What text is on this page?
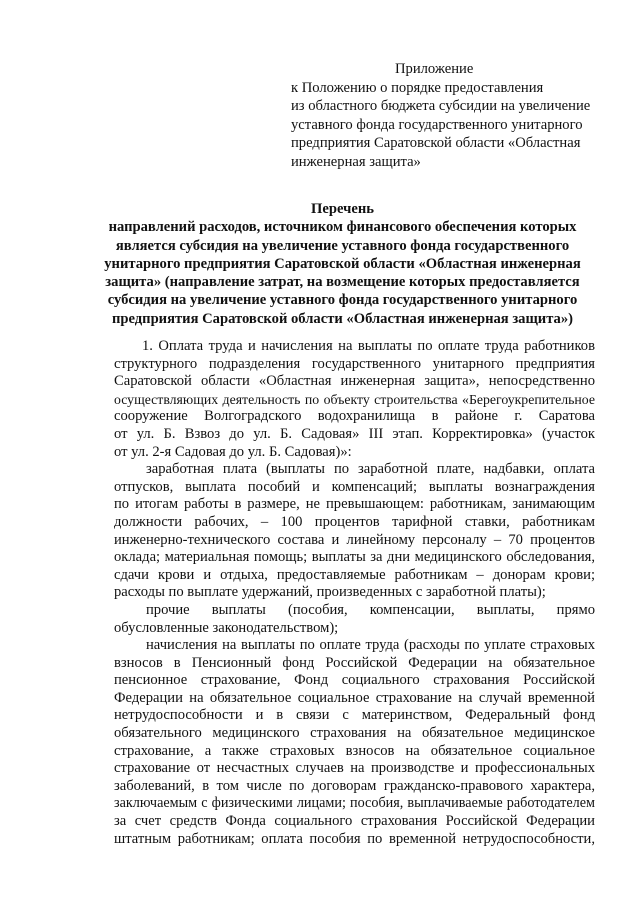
Приложение
к Положению о порядке предоставления
из областного бюджета субсидии на увеличение
уставного фонда государственного унитарного
предприятия Саратовской области «Областная
инженерная защита»
Перечень
направлений расходов, источником финансового обеспечения которых
является субсидия на увеличение уставного фонда государственного
унитарного предприятия Саратовской области «Областная инженерная
защита» (направление затрат, на возмещение которых предоставляется
субсидия на увеличение уставного фонда государственного унитарного
предприятия Саратовской области «Областная инженерная защита»)
1. Оплата труда и начисления на выплаты по оплате труда работников
структурного подразделения государственного унитарного предприятия
Саратовской области «Областная инженерная защита», непосредственно
осуществляющих деятельность по объекту строительства «Берегоукрепительное
сооружение Волгоградского водохранилища в районе г. Саратова
от ул. Б. Взвоз до ул. Б. Садовая» III этап. Корректировка» (участок
от ул. 2-я Садовая до ул. Б. Садовая)»:
заработная плата (выплаты по заработной плате, надбавки, оплата
отпусков, выплата пособий и компенсаций; выплаты вознаграждения
по итогам работы в размере, не превышающем: работникам, занимающим
должности рабочих, – 100 процентов тарифной ставки, работникам
инженерно-технического состава и линейному персоналу – 70 процентов
оклада; материальная помощь; выплаты за дни медицинского обследования,
сдачи крови и отдыха, предоставляемые работникам – донорам крови;
расходы по выплате удержаний, произведенных с заработной платы);
прочие выплаты (пособия, компенсации, выплаты, прямо
обусловленные законодательством);
начисления на выплаты по оплате труда (расходы по уплате страховых
взносов в Пенсионный фонд Российской Федерации на обязательное
пенсионное страхование, Фонд социального страхования Российской
Федерации на обязательное социальное страхование на случай временной
нетрудоспособности и в связи с материнством, Федеральный фонд
обязательного медицинского страхования на обязательное медицинское
страхование, а также страховых взносов на обязательное социальное
страхование от несчастных случаев на производстве и профессиональных
заболеваний, в том числе по договорам гражданско-правового характера,
заключаемым с физическими лицами; пособия, выплачиваемые работодателем
за счет средств Фонда социального страхования Российской Федерации
штатным работникам; оплата пособия по временной нетрудоспособности,
